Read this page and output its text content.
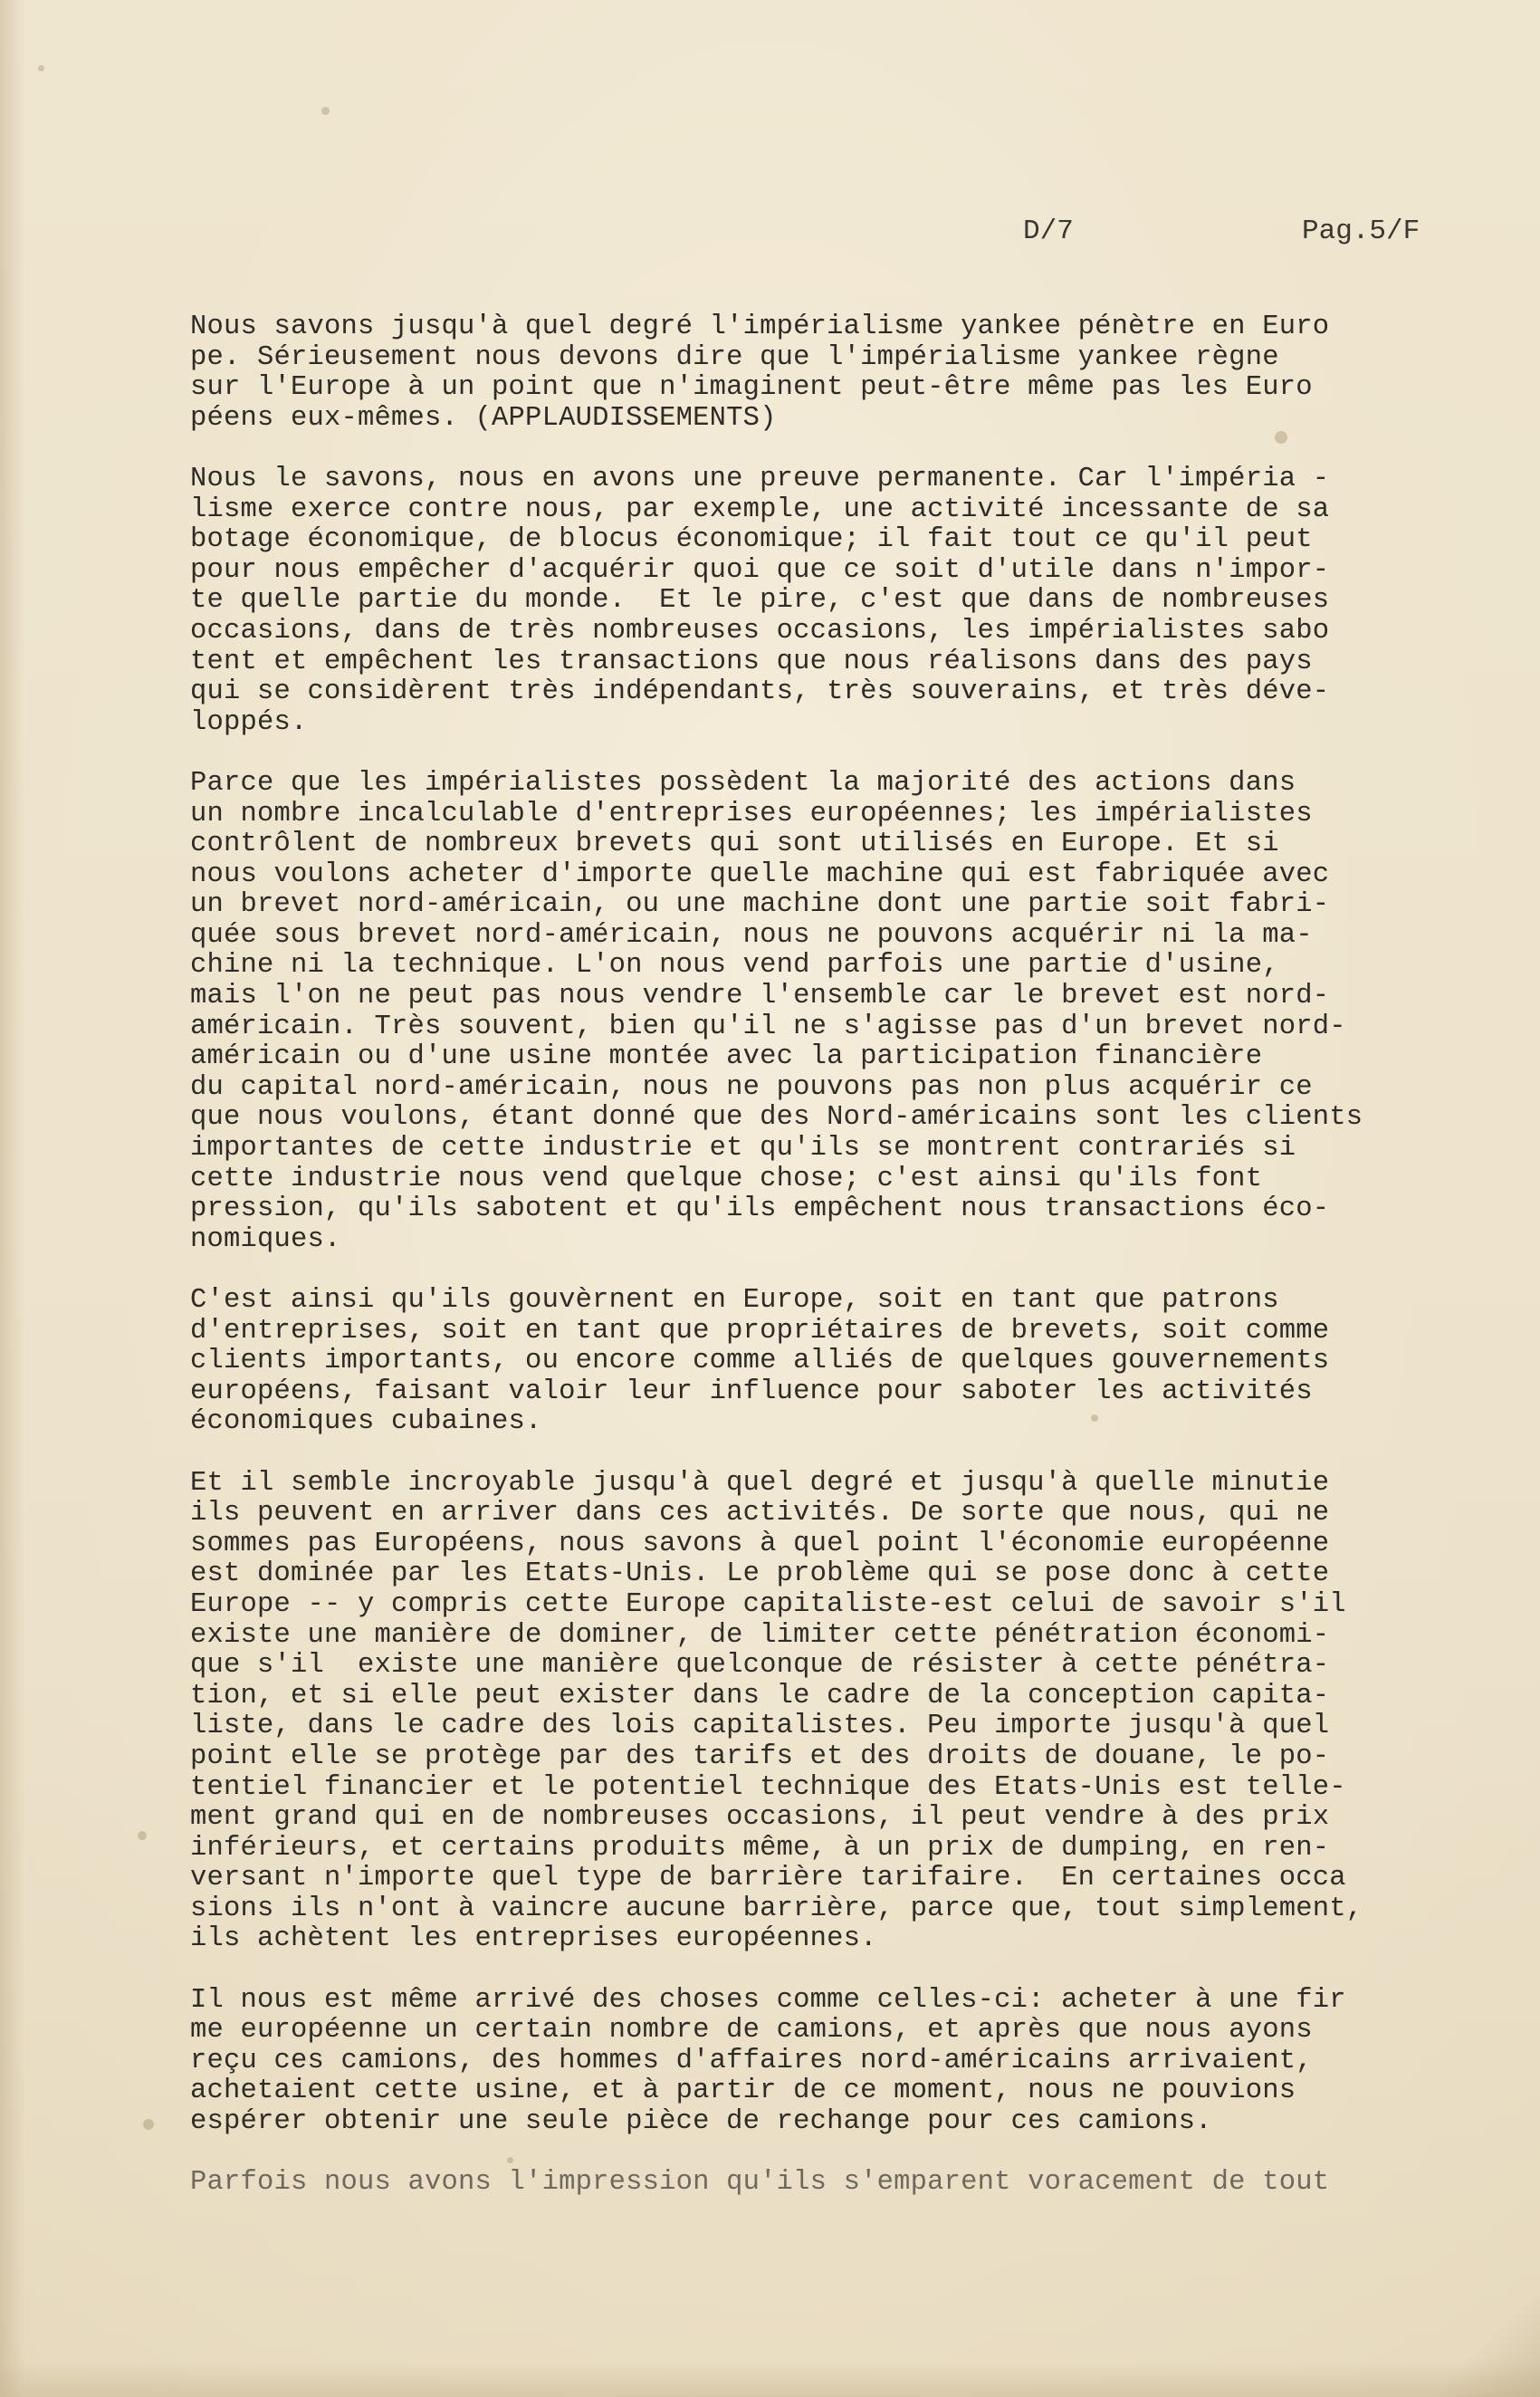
D/7	Pag.5/F
Nous savons jusqu'à quel degré l'impérialisme yankee pénètre en Euro
pe. Sérieusement nous devons dire que l'impérialisme yankee règne
sur l'Europe à un point que n'imaginent peut-être même pas les Euro
péens eux-mêmes. (APPLAUDISSEMENTS)
Nous le savons, nous en avons une preuve permanente. Car l'impéria -
lisme exerce contre nous, par exemple, une activité incessante de sa
botage économique, de blocus économique; il fait tout ce qu'il peut
pour nous empêcher d'acquérir quoi que ce soit d'utile dans n'impor-
te quelle partie du monde.  Et le pire, c'est que dans de nombreuses
occasions, dans de très nombreuses occasions, les impérialistes sabo
tent et empêchent les transactions que nous réalisons dans des pays
qui se considèrent très indépendants, très souverains, et très déve-
loppés.
Parce que les impérialistes possèdent la majorité des actions dans
un nombre incalculable d'entreprises européennes; les impérialistes
contrôlent de nombreux brevets qui sont utilisés en Europe. Et si
nous voulons acheter d'importe quelle machine qui est fabriquée avec
un brevet nord-américain, ou une machine dont une partie soit fabri-
quée sous brevet nord-américain, nous ne pouvons acquérir ni la ma-
chine ni la technique. L'on nous vend parfois une partie d'usine,
mais l'on ne peut pas nous vendre l'ensemble car le brevet est nord-
américain. Très souvent, bien qu'il ne s'agisse pas d'un brevet nord-
américain ou d'une usine montée avec la participation financière
du capital nord-américain, nous ne pouvons pas non plus acquérir ce
que nous voulons, étant donné que des Nord-américains sont les clients
importantes de cette industrie et qu'ils se montrent contrariés si
cette industrie nous vend quelque chose; c'est ainsi qu'ils font
pression, qu'ils sabotent et qu'ils empêchent nous transactions éco-
nomiques.
C'est ainsi qu'ils gouvèrnent en Europe, soit en tant que patrons
d'entreprises, soit en tant que propriétaires de brevets, soit comme
clients importants, ou encore comme alliés de quelques gouvernements
européens, faisant valoir leur influence pour saboter les activités
économiques cubaines.
Et il semble incroyable jusqu'à quel degré et jusqu'à quelle minutie
ils peuvent en arriver dans ces activités. De sorte que nous, qui ne
sommes pas Européens, nous savons à quel point l'économie européenne
est dominée par les Etats-Unis. Le problème qui se pose donc à cette
Europe -- y compris cette Europe capitaliste-est celui de savoir s'il
existe une manière de dominer, de limiter cette pénétration économi-
que s'il  existe une manière quelconque de résister à cette pénétra-
tion, et si elle peut exister dans le cadre de la conception capita-
liste, dans le cadre des lois capitalistes. Peu importe jusqu'à quel
point elle se protège par des tarifs et des droits de douane, le po-
tentiel financier et le potentiel technique des Etats-Unis est telle-
ment grand qui en de nombreuses occasions, il peut vendre à des prix
inférieurs, et certains produits même, à un prix de dumping, en ren-
versant n'importe quel type de barrière tarifaire.  En certaines occa
sions ils n'ont à vaincre aucune barrière, parce que, tout simplement,
ils achètent les entreprises européennes.
Il nous est même arrivé des choses comme celles-ci: acheter à une fir
me européenne un certain nombre de camions, et après que nous ayons
reçu ces camions, des hommes d'affaires nord-américains arrivaient,
achetaient cette usine, et à partir de ce moment, nous ne pouvions
espérer obtenir une seule pièce de rechange pour ces camions.
Parfois nous avons l'impression qu'ils s'emparent voracement de tout
